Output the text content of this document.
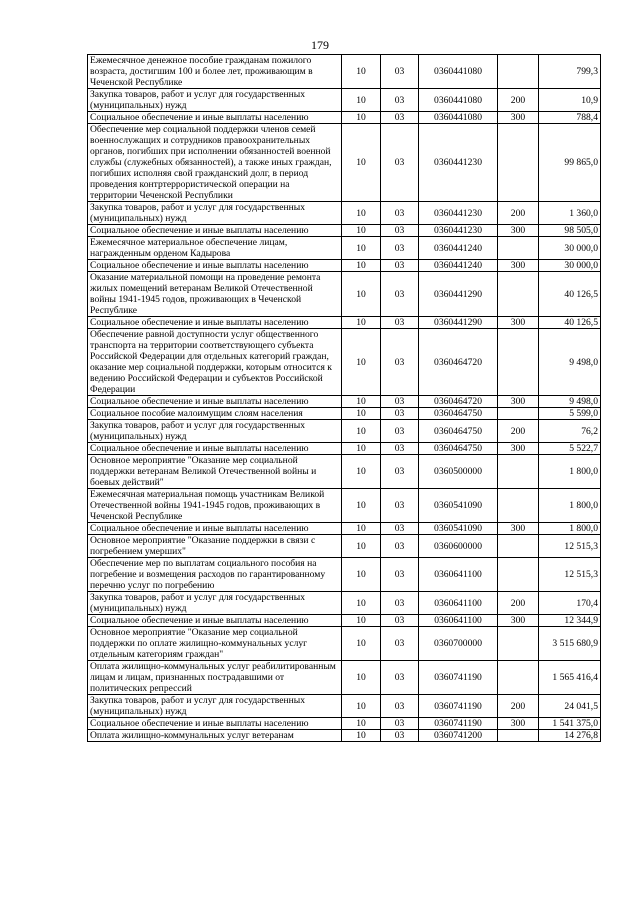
179
Ежемесячное денежное пособие гражданам пожилого возраста, достигшим 100 и более лет, проживающим в Чеченской Республике	10	03	0360441080		799,3
Закупка товаров, работ и услуг для государственных (муниципальных) нужд	10	03	0360441080	200	10,9
Социальное обеспечение и иные выплаты населению	10	03	0360441080	300	788,4
Обеспечение мер социальной поддержки членов семей военнослужащих и сотрудников правоохранительных органов, погибших при исполнении обязанностей военной службы (служебных обязанностей), а также иных граждан, погибших исполняя свой гражданский долг, в период проведения контртеррористической операции на территории Чеченской Республики	10	03	0360441230		99 865,0
Закупка товаров, работ и услуг для государственных (муниципальных) нужд	10	03	0360441230	200	1 360,0
Социальное обеспечение и иные выплаты населению	10	03	0360441230	300	98 505,0
Ежемесячное материальное обеспечение лицам, награжденным орденом Кадырова	10	03	0360441240		30 000,0
Социальное обеспечение и иные выплаты населению	10	03	0360441240	300	30 000,0
Оказание материальной помощи на проведение ремонта жилых помещений ветеранам Великой Отечественной войны 1941-1945 годов, проживающих в Чеченской Республике	10	03	0360441290		40 126,5
Социальное обеспечение и иные выплаты населению	10	03	0360441290	300	40 126,5
Обеспечение равной доступности услуг общественного транспорта на территории соответствующего субъекта Российской Федерации для отдельных категорий граждан, оказание мер социальной поддержки, которым относится к ведению Российской Федерации и субъектов Российской Федерации	10	03	0360464720		9 498,0
Социальное обеспечение и иные выплаты населению	10	03	0360464720	300	9 498,0
Социальное пособие малоимущим слоям населения	10	03	0360464750		5 599,0
Закупка товаров, работ и услуг для государственных (муниципальных) нужд	10	03	0360464750	200	76,2
Социальное обеспечение и иные выплаты населению	10	03	0360464750	300	5 522,7
Основное мероприятие "Оказание мер социальной поддержки ветеранам Великой Отечественной войны и боевых действий"	10	03	0360500000		1 800,0
Ежемесячная материальная помощь участникам Великой Отечественной войны 1941-1945 годов, проживающих в Чеченской Республике	10	03	0360541090		1 800,0
Социальное обеспечение и иные выплаты населению	10	03	0360541090	300	1 800,0
Основное мероприятие "Оказание поддержки в связи с погребением умерших"	10	03	0360600000		12 515,3
Обеспечение мер по выплатам социального пособия на погребение и возмещения расходов по гарантированному перечню услуг по погребению	10	03	0360641100		12 515,3
Закупка товаров, работ и услуг для государственных (муниципальных) нужд	10	03	0360641100	200	170,4
Социальное обеспечение и иные выплаты населению	10	03	0360641100	300	12 344,9
Основное мероприятие "Оказание мер социальной поддержки по оплате жилищно-коммунальных услуг отдельным категориям граждан"	10	03	0360700000		3 515 680,9
Оплата жилищно-коммунальных услуг реабилитированным лицам и лицам, признанных пострадавшими от политических репрессий	10	03	0360741190		1 565 416,4
Закупка товаров, работ и услуг для государственных (муниципальных) нужд	10	03	0360741190	200	24 041,5
Социальное обеспечение и иные выплаты населению	10	03	0360741190	300	1 541 375,0
Оплата жилищно-коммунальных услуг ветеранам	10	03	0360741200		14 276,8
